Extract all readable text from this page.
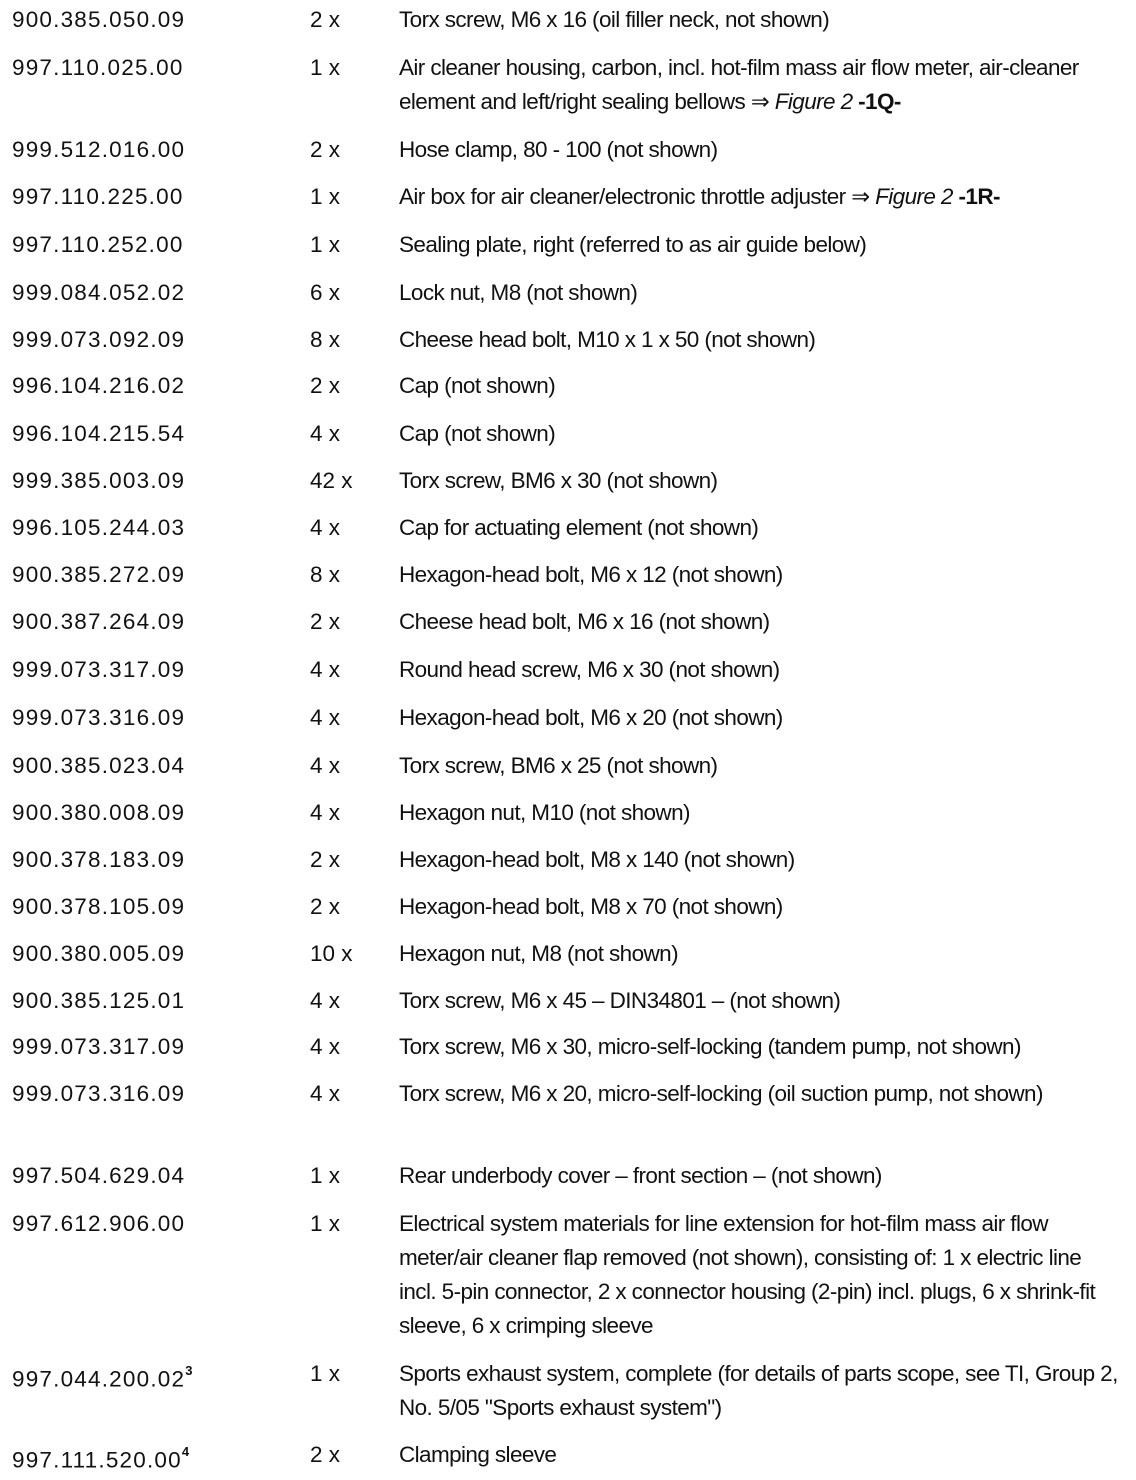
900.385.050.09	2 x	Torx screw, M6 x 16 (oil filler neck, not shown)
997.110.025.00	1 x	Air cleaner housing, carbon, incl. hot-film mass air flow meter, air-cleaner element and left/right sealing bellows ⇒ Figure 2 -1Q-
999.512.016.00	2 x	Hose clamp, 80 - 100 (not shown)
997.110.225.00	1 x	Air box for air cleaner/electronic throttle adjuster ⇒ Figure 2 -1R-
997.110.252.00	1 x	Sealing plate, right (referred to as air guide below)
999.084.052.02	6 x	Lock nut, M8 (not shown)
999.073.092.09	8 x	Cheese head bolt, M10 x 1 x 50 (not shown)
996.104.216.02	2 x	Cap (not shown)
996.104.215.54	4 x	Cap (not shown)
999.385.003.09	42 x Torx screw, BM6 x 30 (not shown)
996.105.244.03	4 x	Cap for actuating element (not shown)
900.385.272.09	8 x	Hexagon-head bolt, M6 x 12 (not shown)
900.387.264.09	2 x	Cheese head bolt, M6 x 16 (not shown)
999.073.317.09	4 x	Round head screw, M6 x 30 (not shown)
999.073.316.09	4 x	Hexagon-head bolt, M6 x 20 (not shown)
900.385.023.04	4 x	Torx screw, BM6 x 25 (not shown)
900.380.008.09	4 x	Hexagon nut, M10 (not shown)
900.378.183.09	2 x	Hexagon-head bolt, M8 x 140 (not shown)
900.378.105.09	2 x	Hexagon-head bolt, M8 x 70 (not shown)
900.380.005.09	10 x Hexagon nut, M8 (not shown)
900.385.125.01	4 x	Torx screw, M6 x 45 – DIN34801 – (not shown)
999.073.317.09	4 x	Torx screw, M6 x 30, micro-self-locking (tandem pump, not shown)
999.073.316.09	4 x	Torx screw, M6 x 20, micro-self-locking (oil suction pump, not shown)
997.504.629.04	1 x	Rear underbody cover – front section – (not shown)
997.612.906.00	1 x	Electrical system materials for line extension for hot-film mass air flow meter/air cleaner flap removed (not shown), consisting of: 1 x electric line incl. 5-pin connector, 2 x connector housing (2-pin) incl. plugs, 6 x shrink-fit sleeve, 6 x crimping sleeve
997.044.200.02$^3$	1 x	Sports exhaust system, complete (for details of parts scope, see TI, Group 2, No. 5/05 "Sports exhaust system")
997.111.520.00$^4$	2 x	Clamping sleeve
